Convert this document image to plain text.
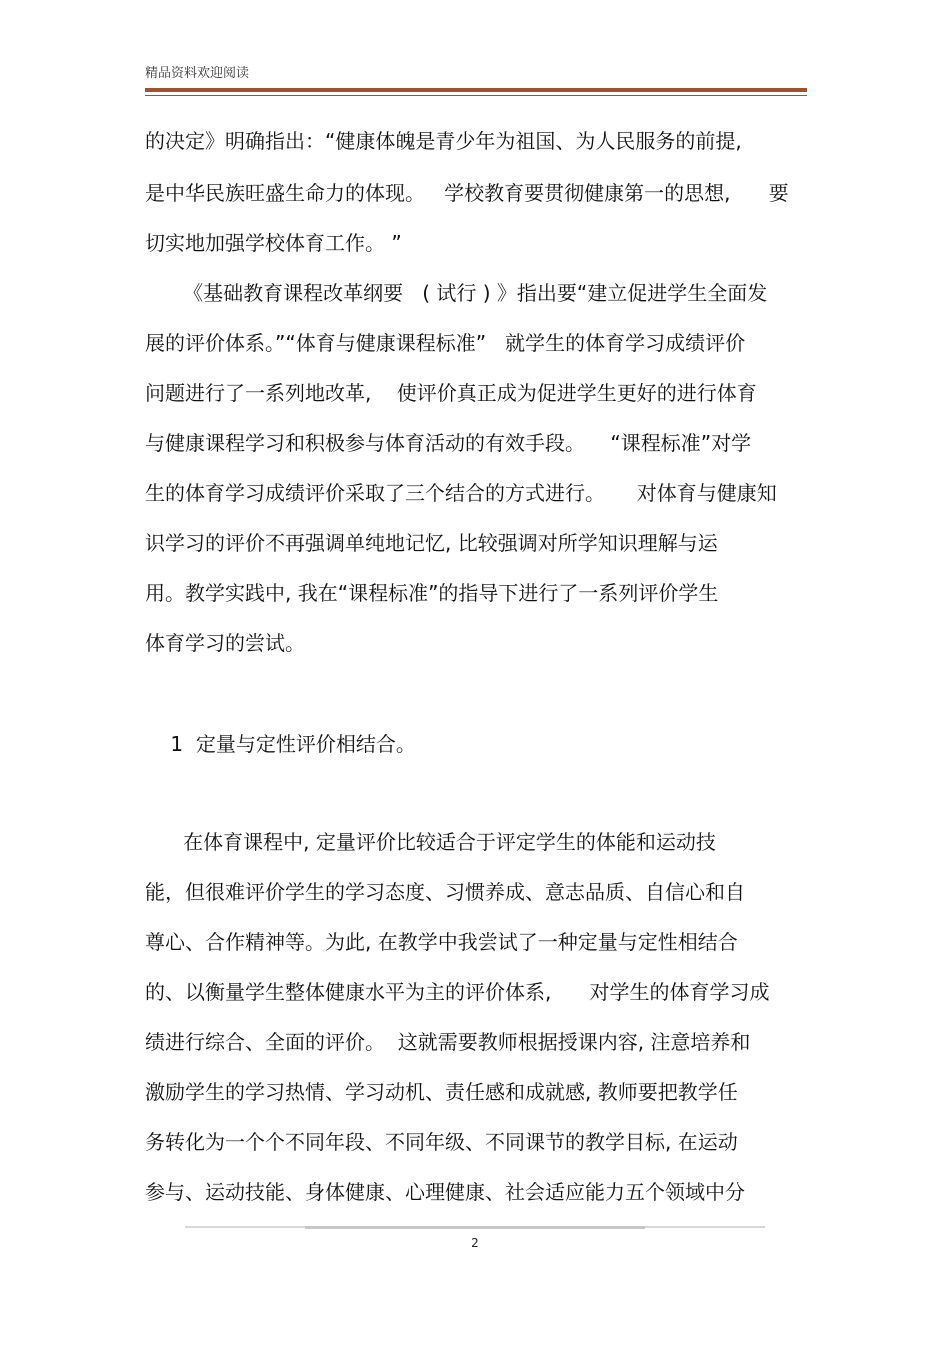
精品资料欢迎阅读
的决定》明确指出：“健康体魄是青少年为祖国、为人民服务的前提,
是中华民族旺盛生命力的体现。   学校教育要贯彻健康第一的思想,      要
切实地加强学校体育工作。 ”
《基础教育课程改革纲要   ( 试行 ) 》指出要“建立促进学生全面发
展的评价体系。”“体育与健康课程标准”   就学生的体育学习成绩评价
问题进行了一系列地改革,    使评价真正成为促进学生更好的进行体育
与健康课程学习和积极参与体育活动的有效手段。    “课程标准”对学
生的体育学习成绩评价采取了三个结合的方式进行。     对体育与健康知
识学习的评价不再强调单纯地记忆, 比较强调对所学知识理解与运
用。教学实践中, 我在“课程标准”的指导下进行了一系列评价学生
体育学习的尝试。
1  定量与定性评价相结合。
在体育课程中, 定量评价比较适合于评定学生的体能和运动技
能，但很难评价学生的学习态度、习惯养成、意志品质、自信心和自
尊心、合作精神等。为此, 在教学中我尝试了一种定量与定性相结合
的、以衡量学生整体健康水平为主的评价体系,      对学生的体育学习成
绩进行综合、全面的评价。  这就需要教师根据授课内容, 注意培养和
激励学生的学习热情、学习动机、责任感和成就感, 教师要把教学任
务转化为一个个不同年段、不同年级、不同课节的教学目标, 在运动
参与、运动技能、身体健康、心理健康、社会适应能力五个领域中分
2
